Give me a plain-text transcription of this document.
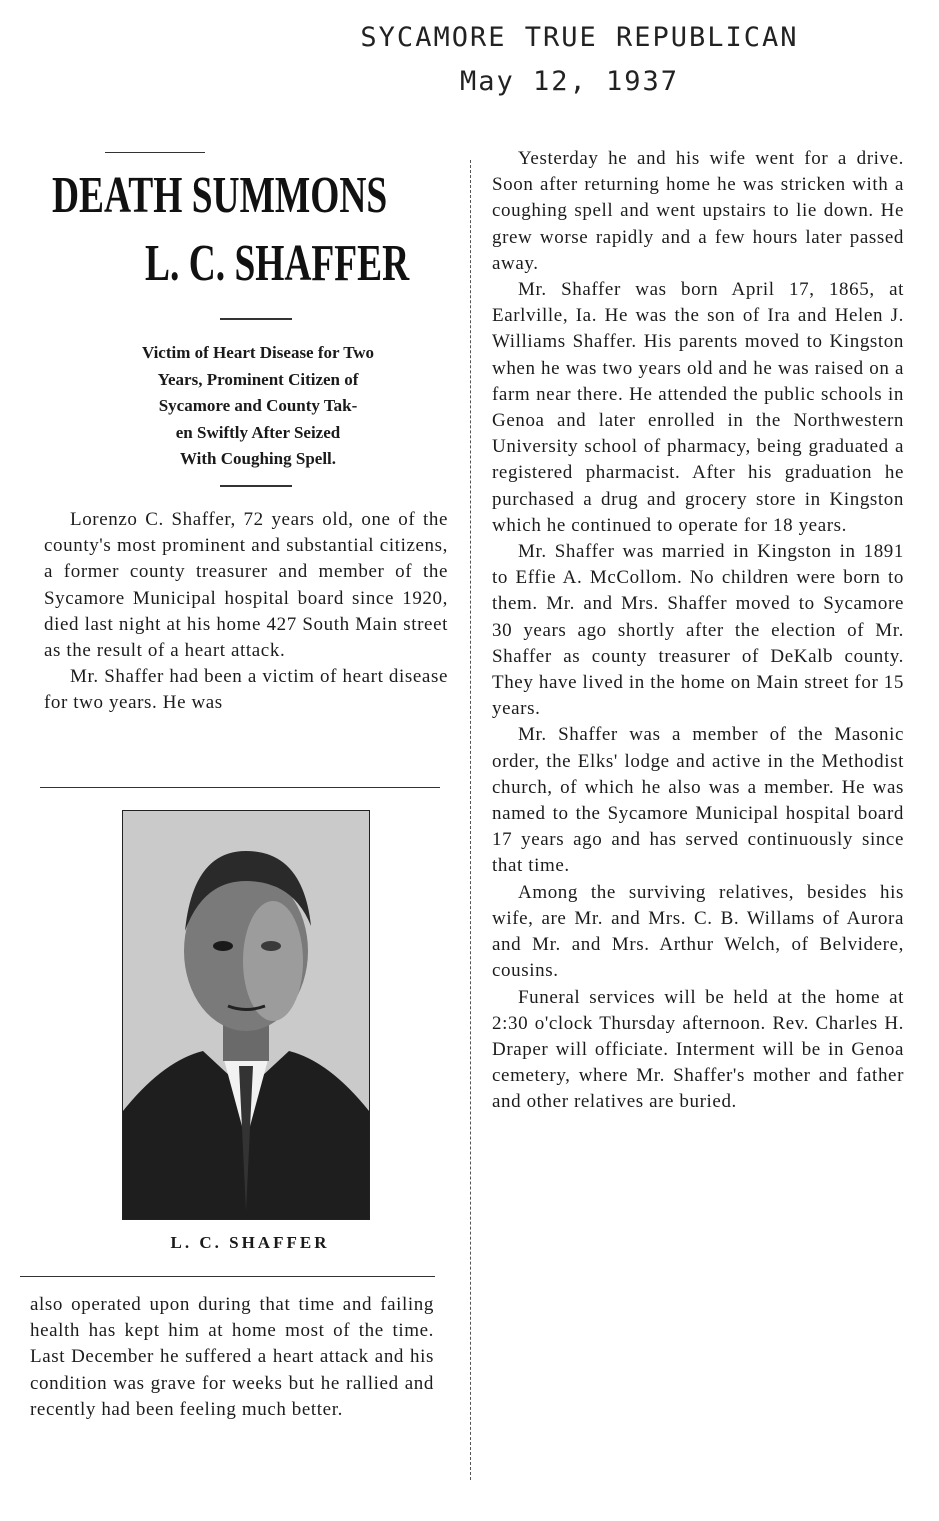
SYCAMORE TRUE REPUBLICAN
May 12, 1937
DEATH SUMMONS
L. C. SHAFFER
Victim of Heart Disease for Two
Years, Prominent Citizen of
Sycamore and County Tak-
en Swiftly After Seized
With Coughing Spell.

Lorenzo C. Shaffer, 72 years old, one of the county's most prominent and substantial citizens, a former county treasurer and member of the Sycamore Municipal hospital board since 1920, died last night at his home 427 South Main street as the result of a heart attack.

Mr. Shaffer had been a victim of heart disease for two years. He was

L. C. SHAFFER

also operated upon during that time and failing health has kept him at home most of the time. Last December he suffered a heart attack and his condition was grave for weeks but he rallied and recently had been feeling much better.

Yesterday he and his wife went for a drive. Soon after returning home he was stricken with a coughing spell and went upstairs to lie down. He grew worse rapidly and a few hours later passed away.

Mr. Shaffer was born April 17, 1865, at Earlville, Ia. He was the son of Ira and Helen J. Williams Shaffer. His parents moved to Kingston when he was two years old and he was raised on a farm near there. He attended the public schools in Genoa and later enrolled in the Northwestern University school of pharmacy, being graduated a registered pharmacist. After his graduation he purchased a drug and grocery store in Kingston which he continued to operate for 18 years.

Mr. Shaffer was married in Kingston in 1891 to Effie A. McCollom. No children were born to them. Mr. and Mrs. Shaffer moved to Sycamore 30 years ago shortly after the election of Mr. Shaffer as county treasurer of DeKalb county. They have lived in the home on Main street for 15 years.

Mr. Shaffer was a member of the Masonic order, the Elks' lodge and active in the Methodist church, of which he also was a member. He was named to the Sycamore Municipal hospital board 17 years ago and has served continuously since that time.

Among the surviving relatives, besides his wife, are Mr. and Mrs. C. B. Willams of Aurora and Mr. and Mrs. Arthur Welch, of Belvidere, cousins.

Funeral services will be held at the home at 2:30 o'clock Thursday afternoon. Rev. Charles H. Draper will officiate. Interment will be in Genoa cemetery, where Mr. Shaffer's mother and father and other relatives are buried.
